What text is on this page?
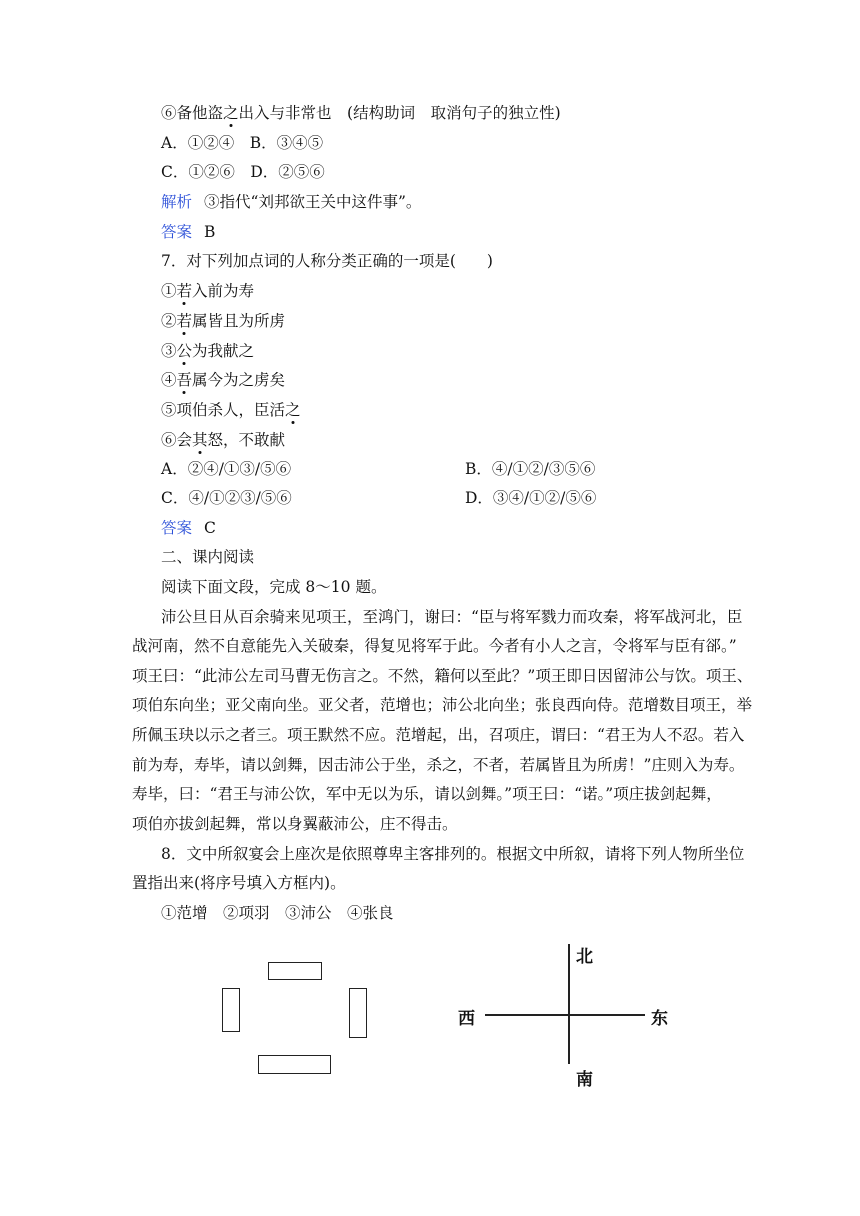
⑥备他盗之出入与非常也　(结构助词　取消句子的独立性)
A．①②④　B．③④⑤
C．①②⑥　D．②⑤⑥
解析 ③指代“刘邦欲王关中这件事”。
答案 B
7．对下列加点词的人称分类正确的一项是(　　)
①若入前为寿
②若属皆且为所虏
③公为我献之
④吾属今为之虏矣
⑤项伯杀人，臣活之
⑥会其怒，不敢献
A．②④/①③/⑤⑥	B．④/①②/③⑤⑥
C．④/①②③/⑤⑥	D．③④/①②/⑤⑥
答案 C
二、课内阅读
阅读下面文段，完成 8～10 题。
沛公旦日从百余骑来见项王，至鸿门，谢曰：“臣与将军戮力而攻秦，将军战河北，臣
战河南，然不自意能先入关破秦，得复见将军于此。今者有小人之言，令将军与臣有郤。”
项王曰：“此沛公左司马曹无伤言之。不然，籍何以至此？”项王即日因留沛公与饮。项王、
项伯东向坐；亚父南向坐。亚父者，范增也；沛公北向坐；张良西向侍。范增数目项王，举
所佩玉玦以示之者三。项王默然不应。范增起，出，召项庄，谓曰：“君王为人不忍。若入
前为寿，寿毕，请以剑舞，因击沛公于坐，杀之，不者，若属皆且为所虏！”庄则入为寿。
寿毕，曰：“君王与沛公饮，军中无以为乐，请以剑舞。”项王曰：“诺。”项庄拔剑起舞，
项伯亦拔剑起舞，常以身翼蔽沛公，庄不得击。
8．文中所叙宴会上座次是依照尊卑主客排列的。根据文中所叙，请将下列人物所坐位
置指出来(将序号填入方框内)。
①范增　②项羽　③沛公　④张良
北
南
西	东
